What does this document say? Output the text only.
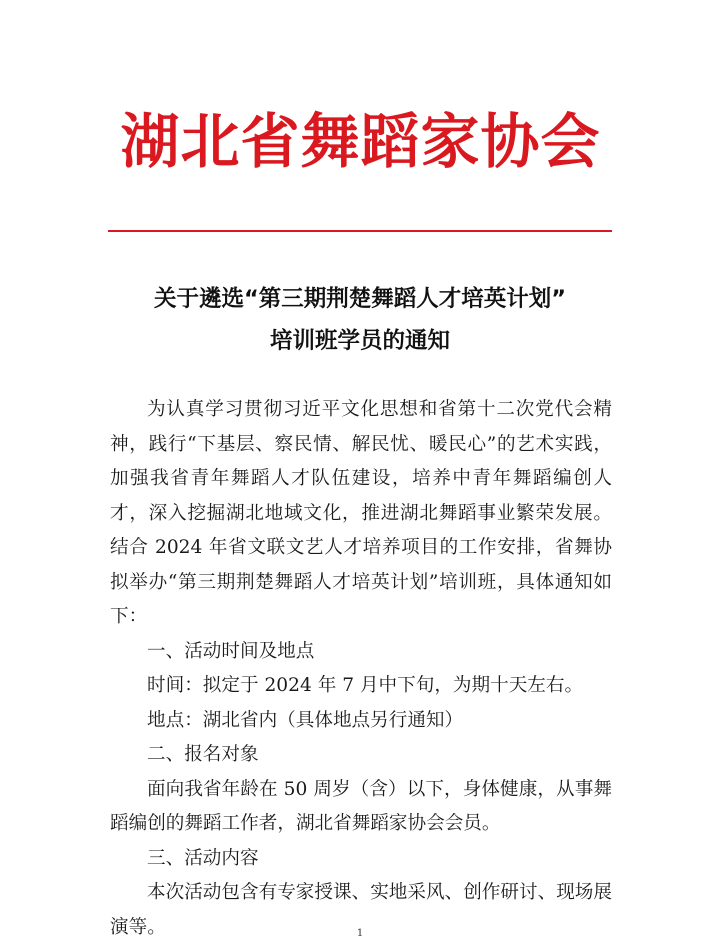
湖北省舞蹈家协会
关于遴选“第三期荆楚舞蹈人才培英计划”
培训班学员的通知

为认真学习贯彻习近平文化思想和省第十二次党代会精神，践行“下基层、察民情、解民忧、暖民心”的艺术实践，加强我省青年舞蹈人才队伍建设，培养中青年舞蹈编创人才，深入挖掘湖北地域文化，推进湖北舞蹈事业繁荣发展。结合 2024 年省文联文艺人才培养项目的工作安排，省舞协拟举办“第三期荆楚舞蹈人才培英计划”培训班，具体通知如下：

一、活动时间及地点

时间：拟定于 2024 年 7 月中下旬，为期十天左右。

地点：湖北省内（具体地点另行通知）

二、报名对象

面向我省年龄在 50 周岁（含）以下，身体健康，从事舞蹈编创的舞蹈工作者，湖北省舞蹈家协会会员。

三、活动内容

本次活动包含有专家授课、实地采风、创作研讨、现场展演等。	1
